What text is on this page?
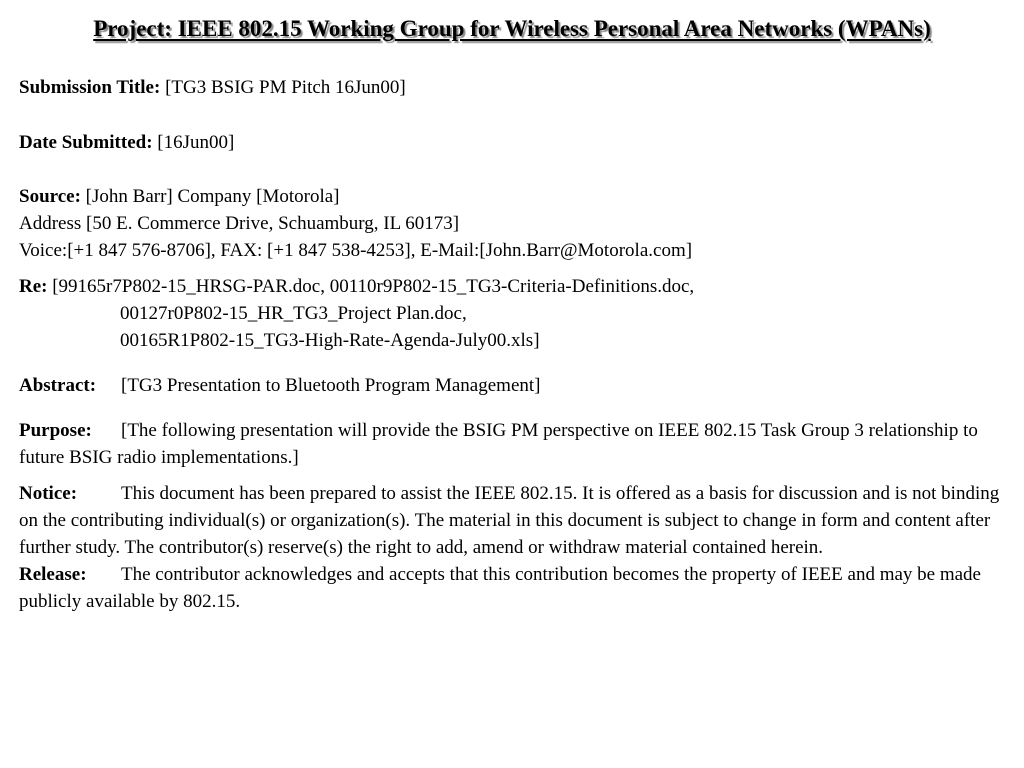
Project: IEEE 802.15 Working Group for Wireless Personal Area Networks (WPANs)
Submission Title: [TG3 BSIG PM Pitch 16Jun00]
Date Submitted: [16Jun00]
Source: [John Barr] Company [Motorola]
Address [50 E. Commerce Drive, Schuamburg, IL 60173]
Voice:[+1 847 576-8706], FAX: [+1 847 538-4253], E-Mail:[John.Barr@Motorola.com]
Re: [99165r7P802-15_HRSG-PAR.doc, 00110r9P802-15_TG3-Criteria-Definitions.doc,
00127r0P802-15_HR_TG3_Project Plan.doc,
00165R1P802-15_TG3-High-Rate-Agenda-July00.xls]
Abstract: [TG3 Presentation to Bluetooth Program Management]
Purpose: [The following presentation will provide the BSIG PM perspective on IEEE 802.15 Task Group 3 relationship to future BSIG radio implementations.]
Notice: This document has been prepared to assist the IEEE 802.15. It is offered as a basis for discussion and is not binding on the contributing individual(s) or organization(s). The material in this document is subject to change in form and content after further study. The contributor(s) reserve(s) the right to add, amend or withdraw material contained herein.
Release: The contributor acknowledges and accepts that this contribution becomes the property of IEEE and may be made publicly available by 802.15.
